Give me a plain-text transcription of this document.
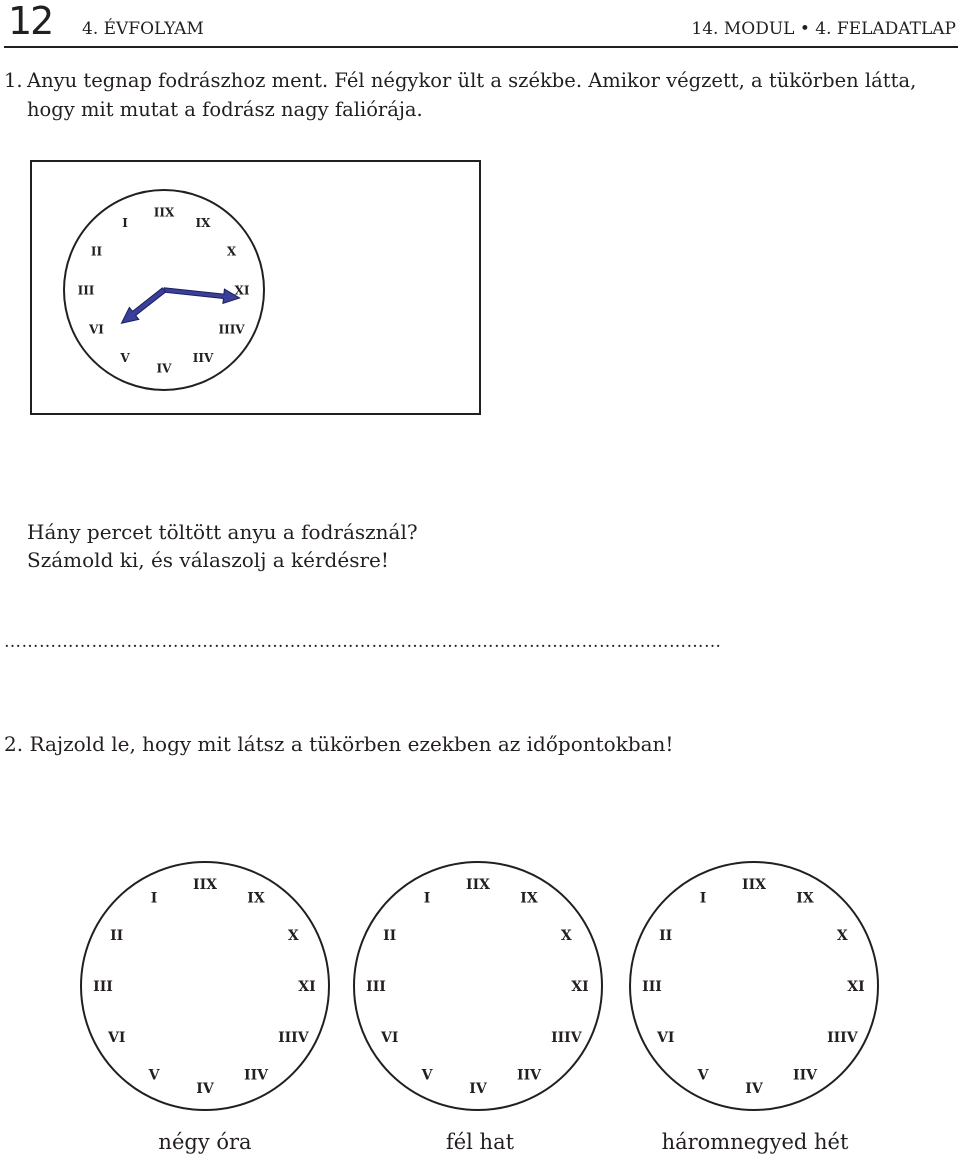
12 4. ÉVFOLYAM	14. MODUL • 4. FELADATLAP
1. Anyu tegnap fodrászhoz ment. Fél négykor ült a székbe. Amikor végzett, a tükörben látta,
hogy mit mutat a fodrász nagy faliórája.
IIX
IX
X
XI
IIIV
IIV
IV
V
VI
III
II
I
Hány percet töltött anyu a fodrásznál?
Számold ki, és válaszolj a kérdésre!
……………………………………………………………………………………………………………
2. Rajzold le, hogy mit látsz a tükörben ezekben az időpontokban!
IIX
IX
X
XI
IIIV
IIV
IV
V
VI
III
II
I
IIX
IX
X
XI
IIIV
IIV
IV
V
VI
III
II
I
IIX
IX
X
XI
IIIV
IIV
IV
V
VI
III
II
I
négy óra	fél hat	háromnegyed hét
